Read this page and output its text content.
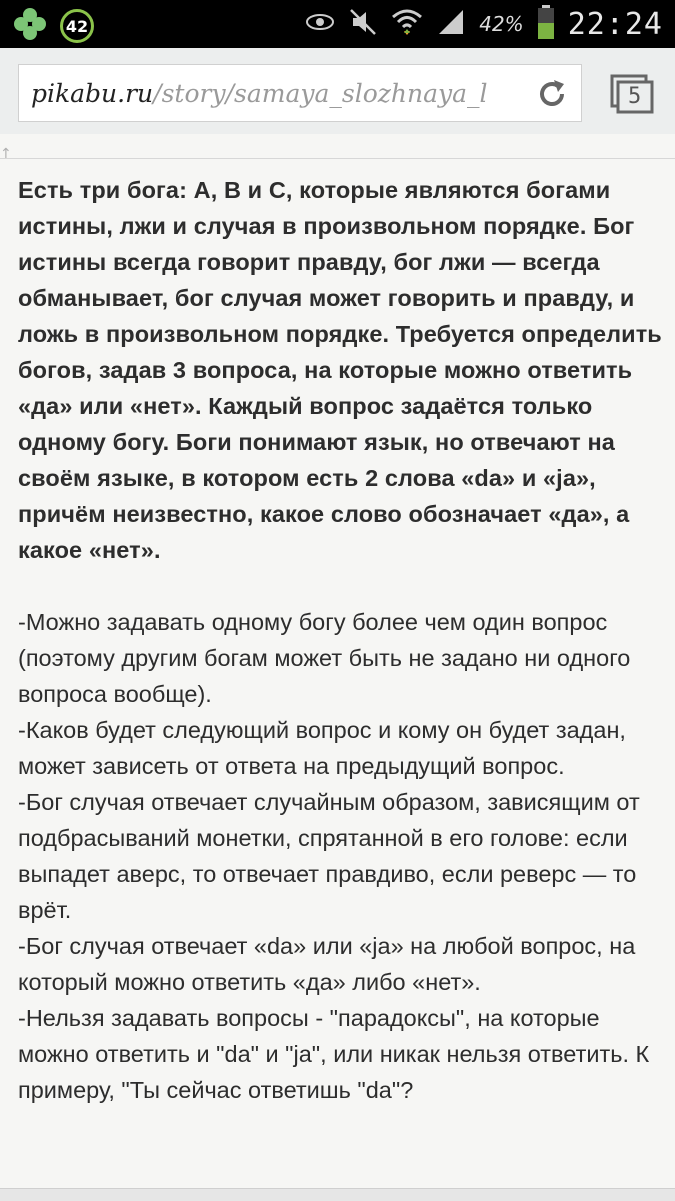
42	42% 22:24
pikabu.ru/story/samaya_slozhnaya_l	5
↑
Есть три бога: A, B и C, которые являются богами истины, лжи и случая в произвольном порядке. Бог истины всегда говорит правду, бог лжи — всегда обманывает, бог случая может говорить и правду, и ложь в произвольном порядке. Требуется определить богов, задав 3 вопроса, на которые можно ответить «да» или «нет». Каждый вопрос задаётся только одному богу. Боги понимают язык, но отвечают на своём языке, в котором есть 2 слова «da» и «ja», причём неизвестно, какое слово обозначает «да», а какое «нет».

-Можно задавать одному богу более чем один вопрос (поэтому другим богам может быть не задано ни одного вопроса вообще).

-Каков будет следующий вопрос и кому он будет задан, может зависеть от ответа на предыдущий вопрос.

-Бог случая отвечает случайным образом, зависящим от подбрасываний монетки, спрятанной в его голове: если выпадет аверс, то отвечает правдиво, если реверс — то врёт.

-Бог случая отвечает «da» или «ja» на любой вопрос, на который можно ответить «да» либо «нет».

-Нельзя задавать вопросы - "парадоксы", на которые можно ответить и "da" и "ja", или никак нельзя ответить. К примеру, "Ты сейчас ответишь "da"?
